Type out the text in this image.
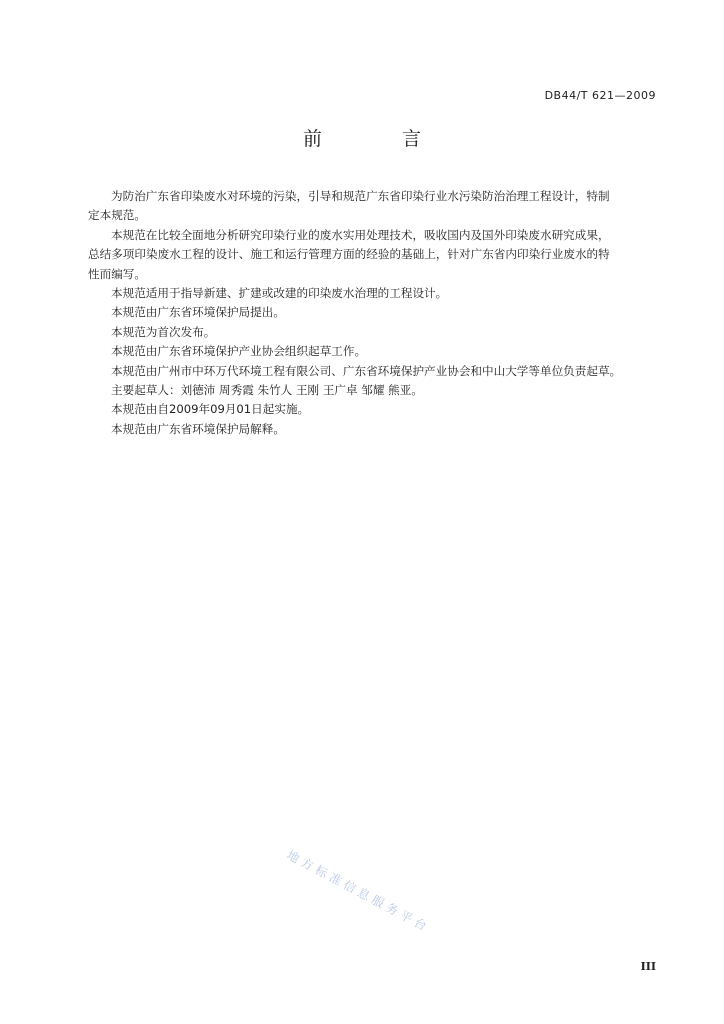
DB44/T 621—2009
前 言

为防治广东省印染废水对环境的污染，引导和规范广东省印染行业水污染防治治理工程设计，特制

定本规范。

本规范在比较全面地分析研究印染行业的废水实用处理技术，吸收国内及国外印染废水研究成果，

总结多项印染废水工程的设计、施工和运行管理方面的经验的基础上，针对广东省内印染行业废水的特

性而编写。

本规范适用于指导新建、扩建或改建的印染废水治理的工程设计。

本规范由广东省环境保护局提出。

本规范为首次发布。

本规范由广东省环境保护产业协会组织起草工作。

本规范由广州市中环万代环境工程有限公司、广东省环境保护产业协会和中山大学等单位负责起草。

主要起草人：刘德沛 周秀霞 朱竹人 王刚 王广卓 邹耀 熊亚。

本规范由自2009年09月01日起实施。

本规范由广东省环境保护局解释。

地方标准信息服务平台
III
